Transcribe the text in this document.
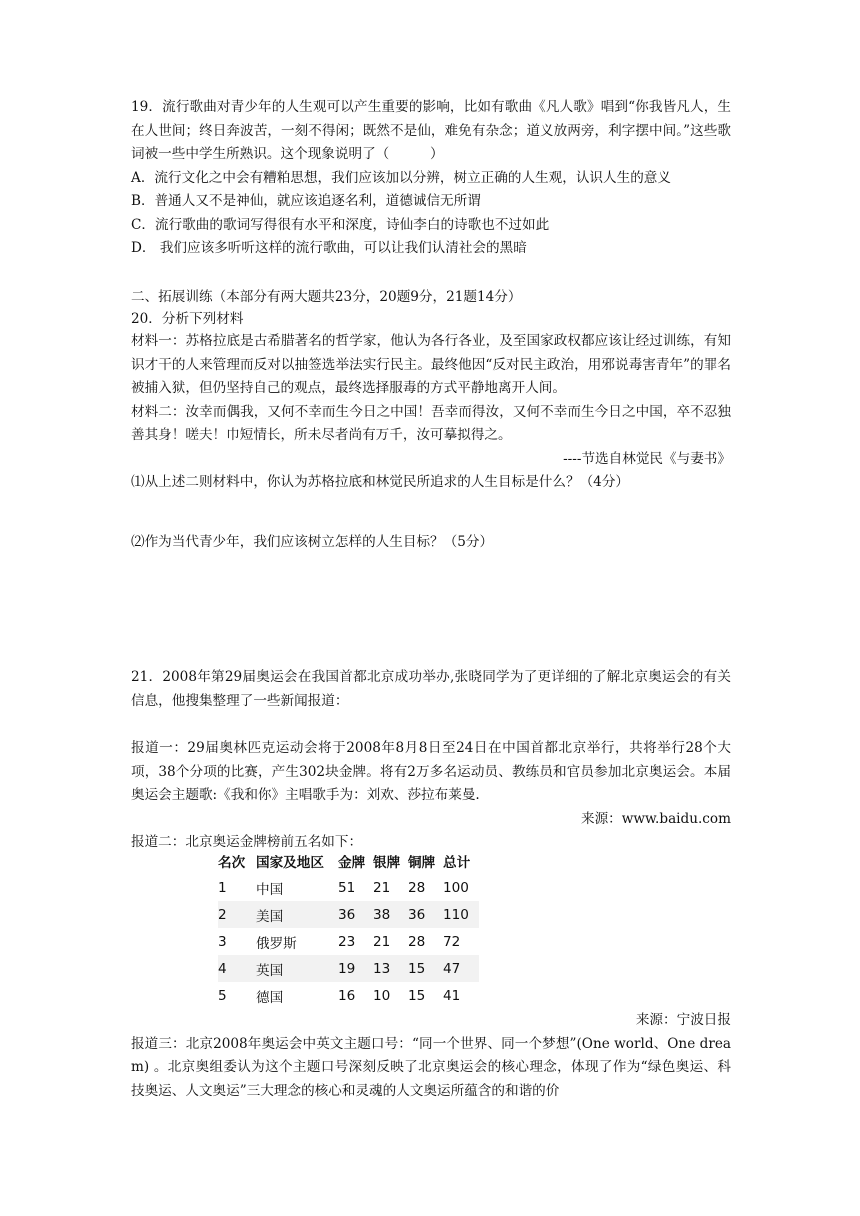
19．流行歌曲对青少年的人生观可以产生重要的影响，比如有歌曲《凡人歌》唱到“你我皆凡人，生在人世间；终日奔波苦，一刻不得闲；既然不是仙，难免有杂念；道义放两旁，利字摆中间。”这些歌词被一些中学生所熟识。这个现象说明了（　　　）

A．流行文化之中会有糟粕思想，我们应该加以分辨，树立正确的人生观，认识人生的意义

B．普通人又不是神仙，就应该追逐名利，道德诚信无所谓

C．流行歌曲的歌词写得很有水平和深度，诗仙李白的诗歌也不过如此

D． 我们应该多听听这样的流行歌曲，可以让我们认清社会的黑暗

二、拓展训练（本部分有两大题共23分，20题9分，21题14分）

20．分析下列材料

材料一：苏格拉底是古希腊著名的哲学家，他认为各行各业，及至国家政权都应该让经过训练，有知识才干的人来管理而反对以抽签选举法实行民主。最终他因“反对民主政治，用邪说毒害青年”的罪名被捕入狱，但仍坚持自己的观点，最终选择服毒的方式平静地离开人间。

材料二：汝幸而偶我，又何不幸而生今日之中国！吾幸而得汝，又何不幸而生今日之中国，卒不忍独善其身！嗟夫！巾短情长，所未尽者尚有万千，汝可摹拟得之。

----节选自林觉民《与妻书》

⑴从上述二则材料中，你认为苏格拉底和林觉民所追求的人生目标是什么？（4分）

⑵作为当代青少年，我们应该树立怎样的人生目标？（5分）

21．2008年第29届奥运会在我国首都北京成功举办,张晓同学为了更详细的了解北京奥运会的有关信息，他搜集整理了一些新闻报道：

报道一：29届奥林匹克运动会将于2008年8月8日至24日在中国首都北京举行，共将举行28个大项，38个分项的比赛，产生302块金牌。将有2万多名运动员、教练员和官员参加北京奥运会。本届奥运会主题歌:《我和你》主唱歌手为：刘欢、莎拉布莱曼.

来源：www.baidu.com

报道二：北京奥运金牌榜前五名如下：

名次	国家及地区	金牌	银牌	铜牌	总计
1	中国	51	21	28	100
2	美国	36	38	36	110
3	俄罗斯	23	21	28	72
4	英国	19	13	15	47
5	德国	16	10	15	41

来源：宁波日报

报道三：北京2008年奥运会中英文主题口号：“同一个世界、同一个梦想”(One world、One dream) 。北京奥组委认为这个主题口号深刻反映了北京奥运会的核心理念，体现了作为“绿色奥运、科技奥运、人文奥运”三大理念的核心和灵魂的人文奥运所蕴含的和谐的价
